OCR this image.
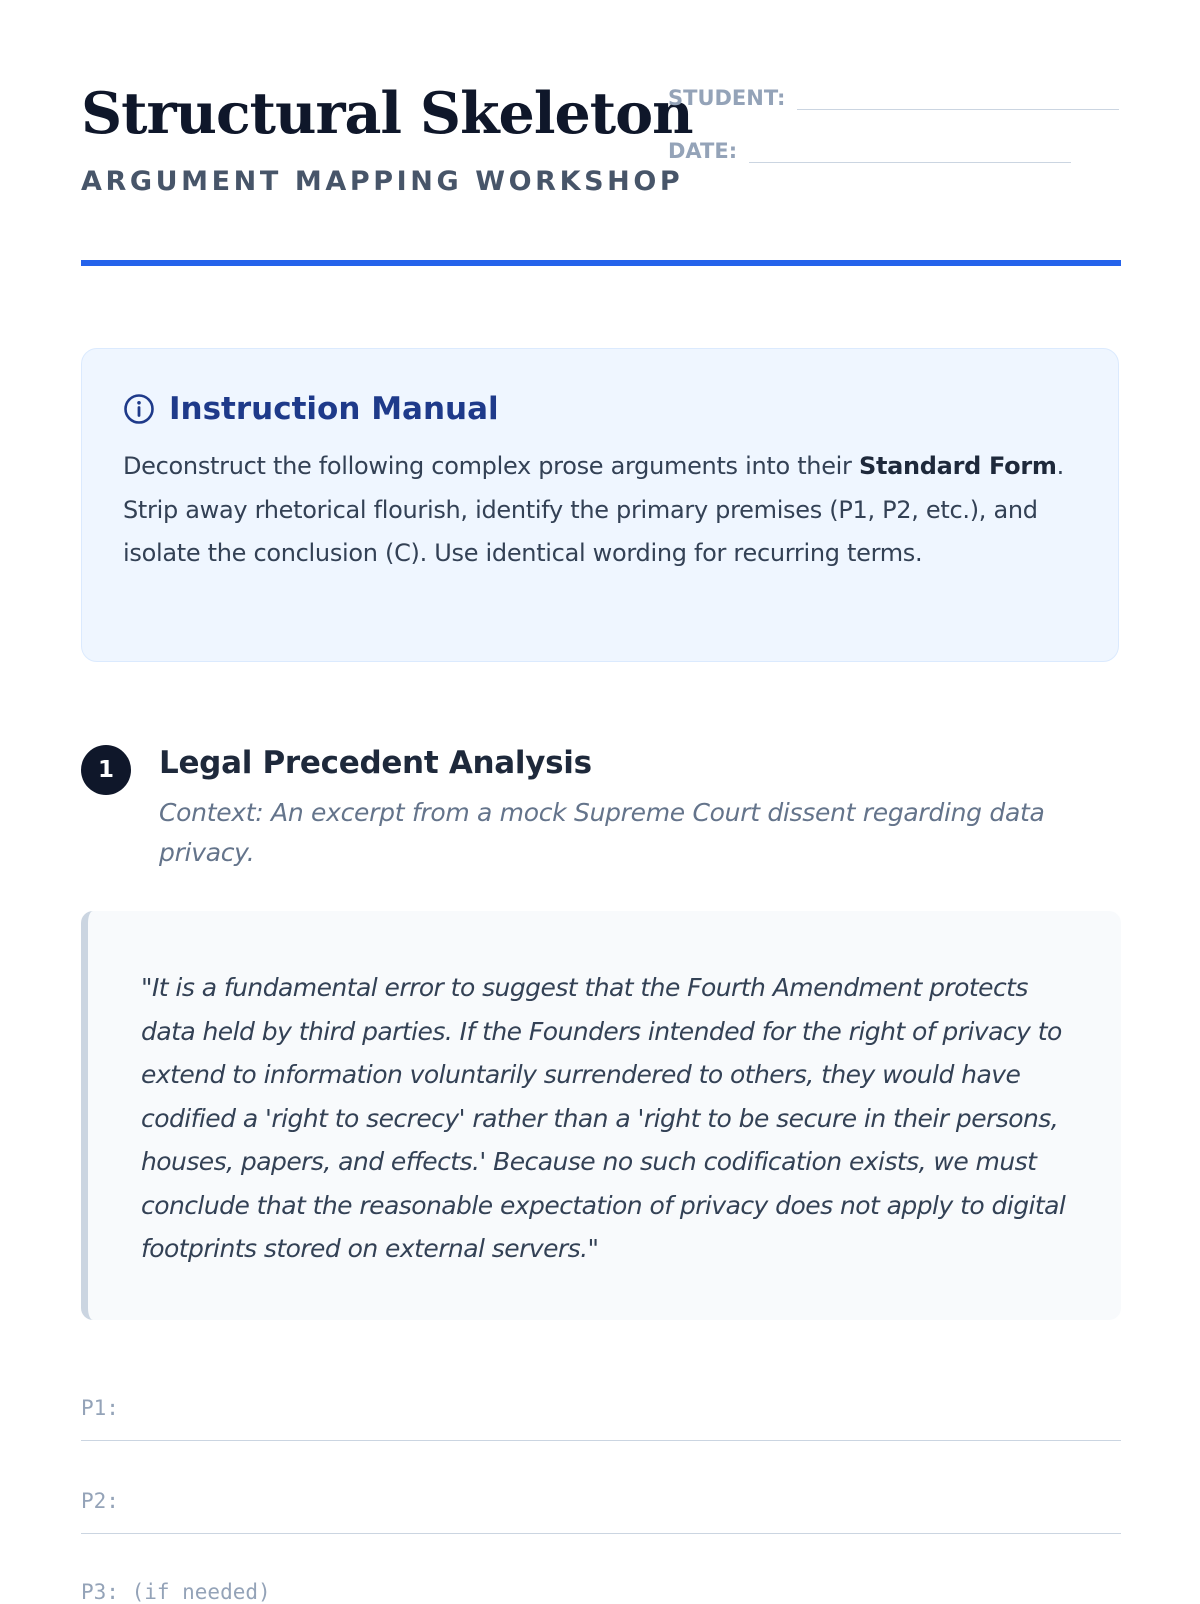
Structural Skeleton

ARGUMENT MAPPING WORKSHOP

STUDENT:
DATE:
Instruction Manual

Deconstruct the following complex prose arguments into their Standard Form. Strip away rhetorical flourish, identify the primary premises (P1, P2, etc.), and isolate the conclusion (C). Use identical wording for recurring terms.

1	Legal Precedent Analysis

Context: An excerpt from a mock Supreme Court dissent regarding data privacy.

"It is a fundamental error to suggest that the Fourth Amendment protects data held by third parties. If the Founders intended for the right of privacy to extend to information voluntarily surrendered to others, they would have codified a 'right to secrecy' rather than a 'right to be secure in their persons, houses, papers, and effects.' Because no such codification exists, we must conclude that the reasonable expectation of privacy does not apply to digital footprints stored on external servers."

P1:
P2:
P3: (if needed)
